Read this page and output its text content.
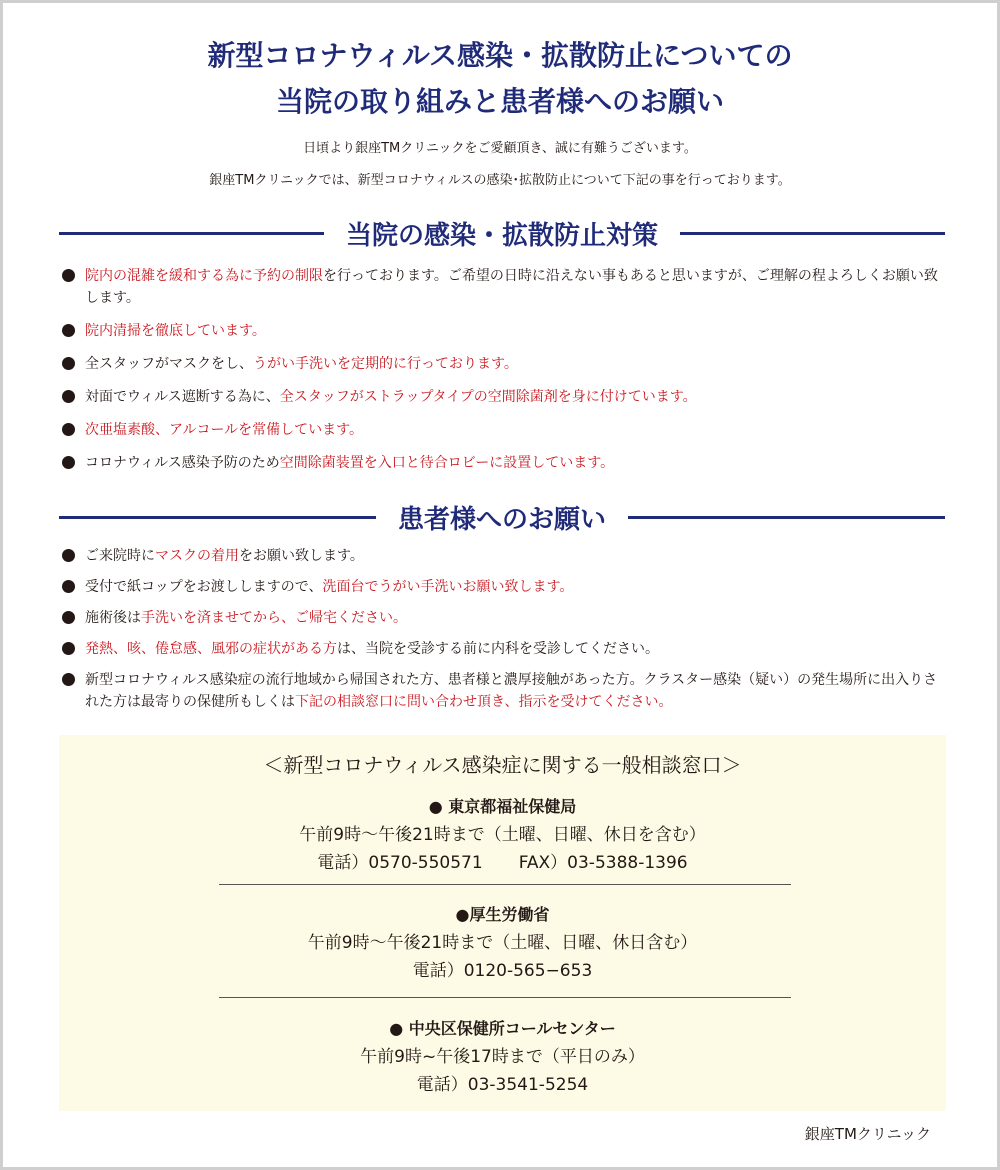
新型コロナウィルス感染・拡散防止についての
当院の取り組みと患者様へのお願い
日頃より銀座TMクリニックをご愛顧頂き、誠に有難うございます。
銀座TMクリニックでは、新型コロナウィルスの感染･拡散防止について下記の事を行っております。
当院の感染・拡散防止対策
院内の混雑を緩和する為に予約の制限を行っております。ご希望の日時に沿えない事もあると思いますが、ご理解の程よろしくお願い致します。
院内清掃を徹底しています。
全スタッフがマスクをし、うがい手洗いを定期的に行っております。
対面でウィルス遮断する為に、全スタッフがストラップタイプの空間除菌剤を身に付けています。
次亜塩素酸、アルコールを常備しています。
コロナウィルス感染予防のため空間除菌装置を入口と待合ロビーに設置しています。
患者様へのお願い
ご来院時にマスクの着用をお願い致します。
受付で紙コップをお渡ししますので、洗面台でうがい手洗いお願い致します。
施術後は手洗いを済ませてから、ご帰宅ください。
発熱、咳、倦怠感、風邪の症状がある方は、当院を受診する前に内科を受診してください。
新型コロナウィルス感染症の流行地域から帰国された方、患者様と濃厚接触があった方。クラスター感染（疑い）の発生場所に出入りされた方は最寄りの保健所もしくは下記の相談窓口に問い合わせ頂き、指示を受けてください。
＜新型コロナウィルス感染症に関する一般相談窓口＞
● 東京都福祉保健局
午前9時～午後21時まで（土曜、日曜、休日を含む）
電話）0570-550571 FAX）03-5388-1396
●厚生労働省
午前9時～午後21時まで（土曜、日曜、休日含む）
電話）0120-565−653
● 中央区保健所コールセンター
午前9時~午後17時まで（平日のみ）
電話）03-3541-5254
銀座TMクリニック
